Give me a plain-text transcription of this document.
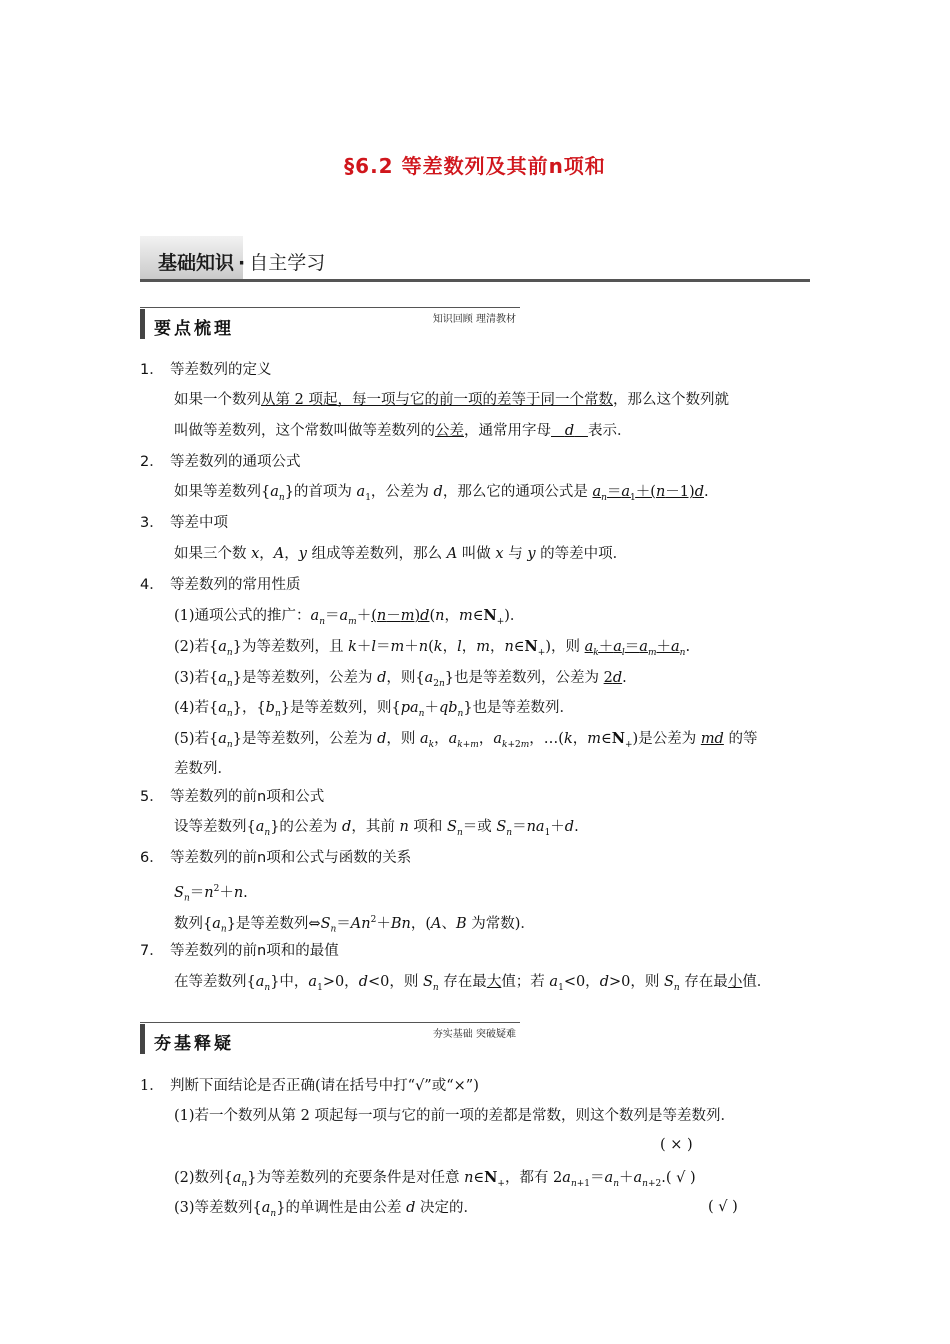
§6.2 等差数列及其前n项和
基础知识 · 自主学习
要点梳理	知识回顾 理清教材
1． 等差数列的定义
如果一个数列从第 2 项起，每一项与它的前一项的差等于同一个常数，那么这个数列就
叫做等差数列，这个常数叫做等差数列的公差，通常用字母 d 表示．
2． 等差数列的通项公式
如果等差数列$\{a_n\}$的首项为 $a_1$，公差为 d，那么它的通项公式是 $a_n=a_1+(n-1)d$.
3． 等差中项
如果三个数 x，A，y 组成等差数列，那么 A 叫做 x 与 y 的等差中项．
4． 等差数列的常用性质
(1)通项公式的推广：$a_n=a_m+(n-m)d(n$，$m\in N_+$)．
(2)若$\{a_n\}$为等差数列，且 k＋l＝m＋n(k，l，m，$n\in N_+$)，则 $a_k+a_l=a_m+a_n$.
(3)若$\{a_n\}$是等差数列，公差为 d，则$\{a_{2n}\}$也是等差数列，公差为 2d.
(4)若$\{a_n\}$，$\{b_n\}$是等差数列，则$\{pa_n+qb_n\}$也是等差数列．
(5)若$\{a_n\}$是等差数列，公差为 d，则 $a_k$，$a_{k+m}$，$a_{k+2m}$，…(k，$m\in N_+$)是公差为 md 的等
差数列．
5． 等差数列的前n项和公式
设等差数列$\{a_n\}$的公差为 d，其前 n 项和 $S_n=$或 $S_n=na_1+d$.
6． 等差数列的前n项和公式与函数的关系
$S_n=n^2+n$.
数列$\{a_n\}$是等差数列$\Leftrightarrow S_n=An^2+Bn$，(A、B 为常数)．
7． 等差数列的前n项和的最值
在等差数列$\{a_n\}$中，$a_1>0$，d<0，则 $S_n$ 存在最大值；若 $a_1<0$，d>0，则 $S_n$ 存在最小值．
夯基释疑	夯实基础 突破疑难
1． 判断下面结论是否正确(请在括号中打“√”或“×”)
(1)若一个数列从第 2 项起每一项与它的前一项的差都是常数，则这个数列是等差数列．
( × )
(2)数列$\{a_n\}$为等差数列的充要条件是对任意 $n\in N_+$，都有 $2a_{n+1}=a_n+a_{n+2}$.( √ )
(3)等差数列$\{a_n\}$的单调性是由公差 d 决定的．	( √ )
